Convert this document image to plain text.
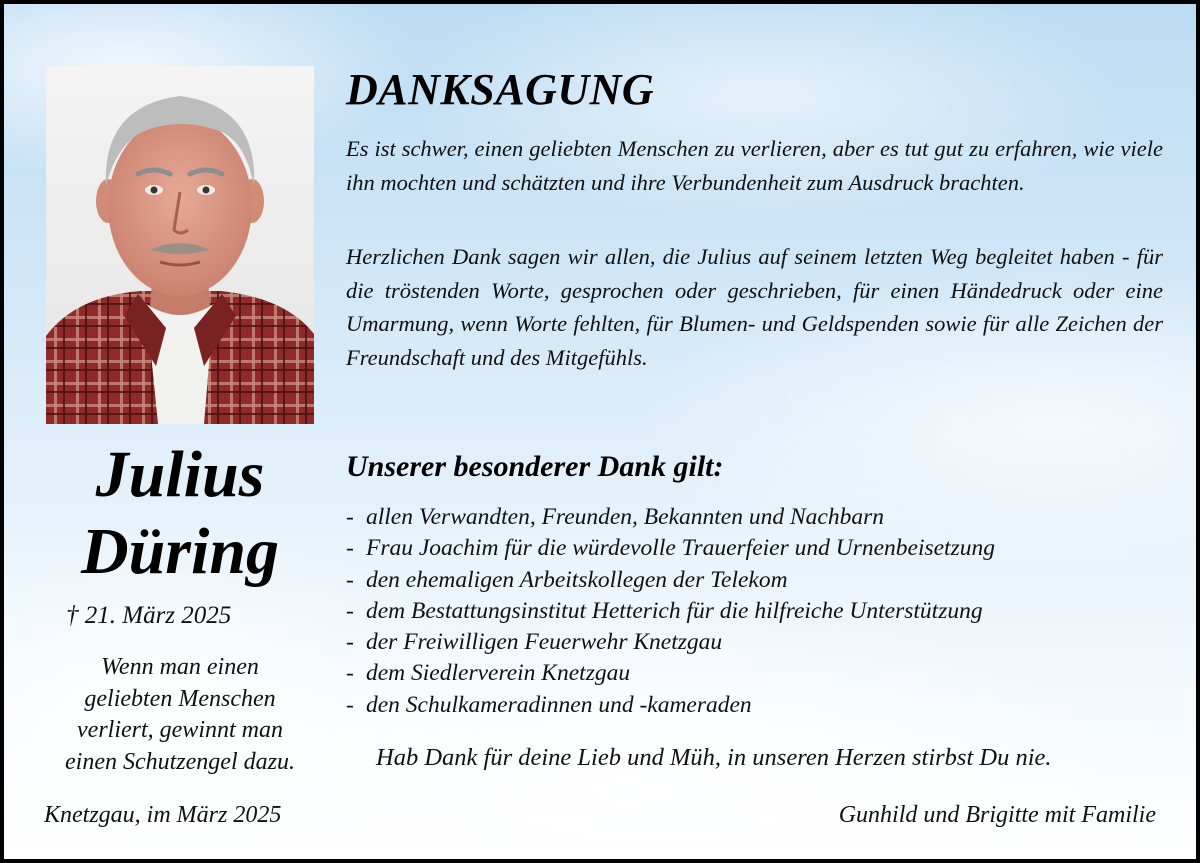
Julius
Düring
† 21. März 2025
Wenn man einen
geliebten Menschen
verliert, gewinnt man
einen Schutzengel dazu.
Knetzgau, im März 2025
DANKSAGUNG
Es ist schwer, einen geliebten Menschen zu verlieren, aber es tut gut zu erfahren, wie viele ihn mochten und schätzten und ihre Verbundenheit zum Ausdruck brachten.
Herzlichen Dank sagen wir allen, die Julius auf seinem letzten Weg begleitet haben - für die tröstenden Worte, gesprochen oder geschrieben, für einen Händedruck oder eine Umarmung, wenn Worte fehlten, für Blumen- und Geldspenden sowie für alle Zeichen der Freundschaft und des Mitgefühls.
Unserer besonderer Dank gilt:
- allen Verwandten, Freunden, Bekannten und Nachbarn
- Frau Joachim für die würdevolle Trauerfeier und Urnenbeisetzung
- den ehemaligen Arbeitskollegen der Telekom
- dem Bestattungsinstitut Hetterich für die hilfreiche Unterstützung
- der Freiwilligen Feuerwehr Knetzgau
- dem Siedlerverein Knetzgau
- den Schulkameradinnen und -kameraden
Hab Dank für deine Lieb und Müh, in unseren Herzen stirbst Du nie.
Gunhild und Brigitte mit Familie
